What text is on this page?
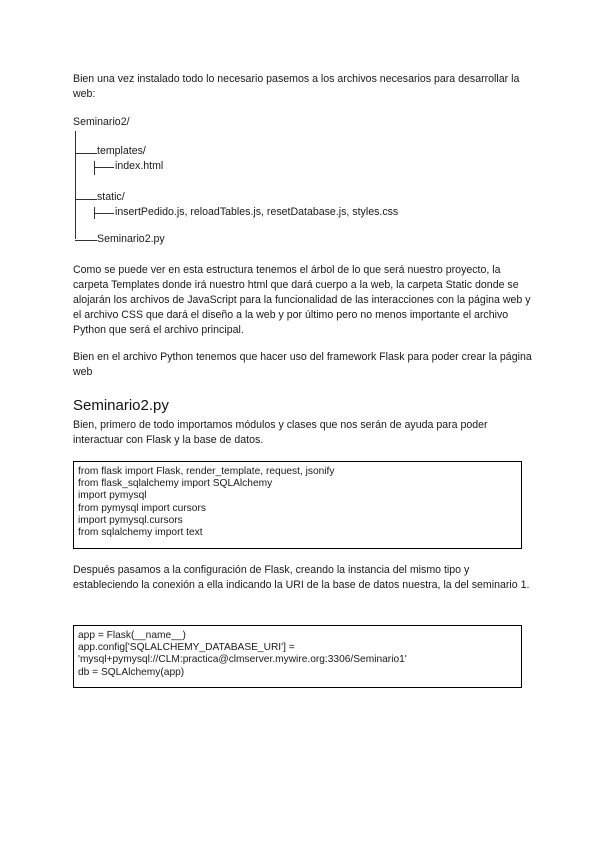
Bien una vez instalado todo lo necesario pasemos a los archivos necesarios para desarrollar la web:

Seminario2/
templates/
index.html
static/
insertPedido.js, reloadTables.js, resetDatabase.js, styles.css
Seminario2.py

Como se puede ver en esta estructura tenemos el árbol de lo que será nuestro proyecto, la carpeta Templates donde irá nuestro html que dará cuerpo a la web, la carpeta Static donde se alojarán los archivos de JavaScript para la funcionalidad de las interacciones con la página web y el archivo CSS que dará el diseño a la web y por último pero no menos importante el archivo Python que será el archivo principal.

Bien en el archivo Python tenemos que hacer uso del framework Flask para poder crear la página web

Seminario2.py

Bien, primero de todo importamos módulos y clases que nos serán de ayuda para poder interactuar con Flask y la base de datos.

from flask import Flask, render_template, request, jsonify
from flask_sqlalchemy import SQLAlchemy
import pymysql
from pymysql import cursors
import pymysql.cursors
from sqlalchemy import text

Después pasamos a la configuración de Flask, creando la instancia del mismo tipo y estableciendo la conexión a ella indicando la URI de la base de datos nuestra, la del seminario 1.

app = Flask(__name__)
app.config['SQLALCHEMY_DATABASE_URI'] =
'mysql+pymysql://CLM:practica@clmserver.mywire.org:3306/Seminario1'
db = SQLAlchemy(app)
